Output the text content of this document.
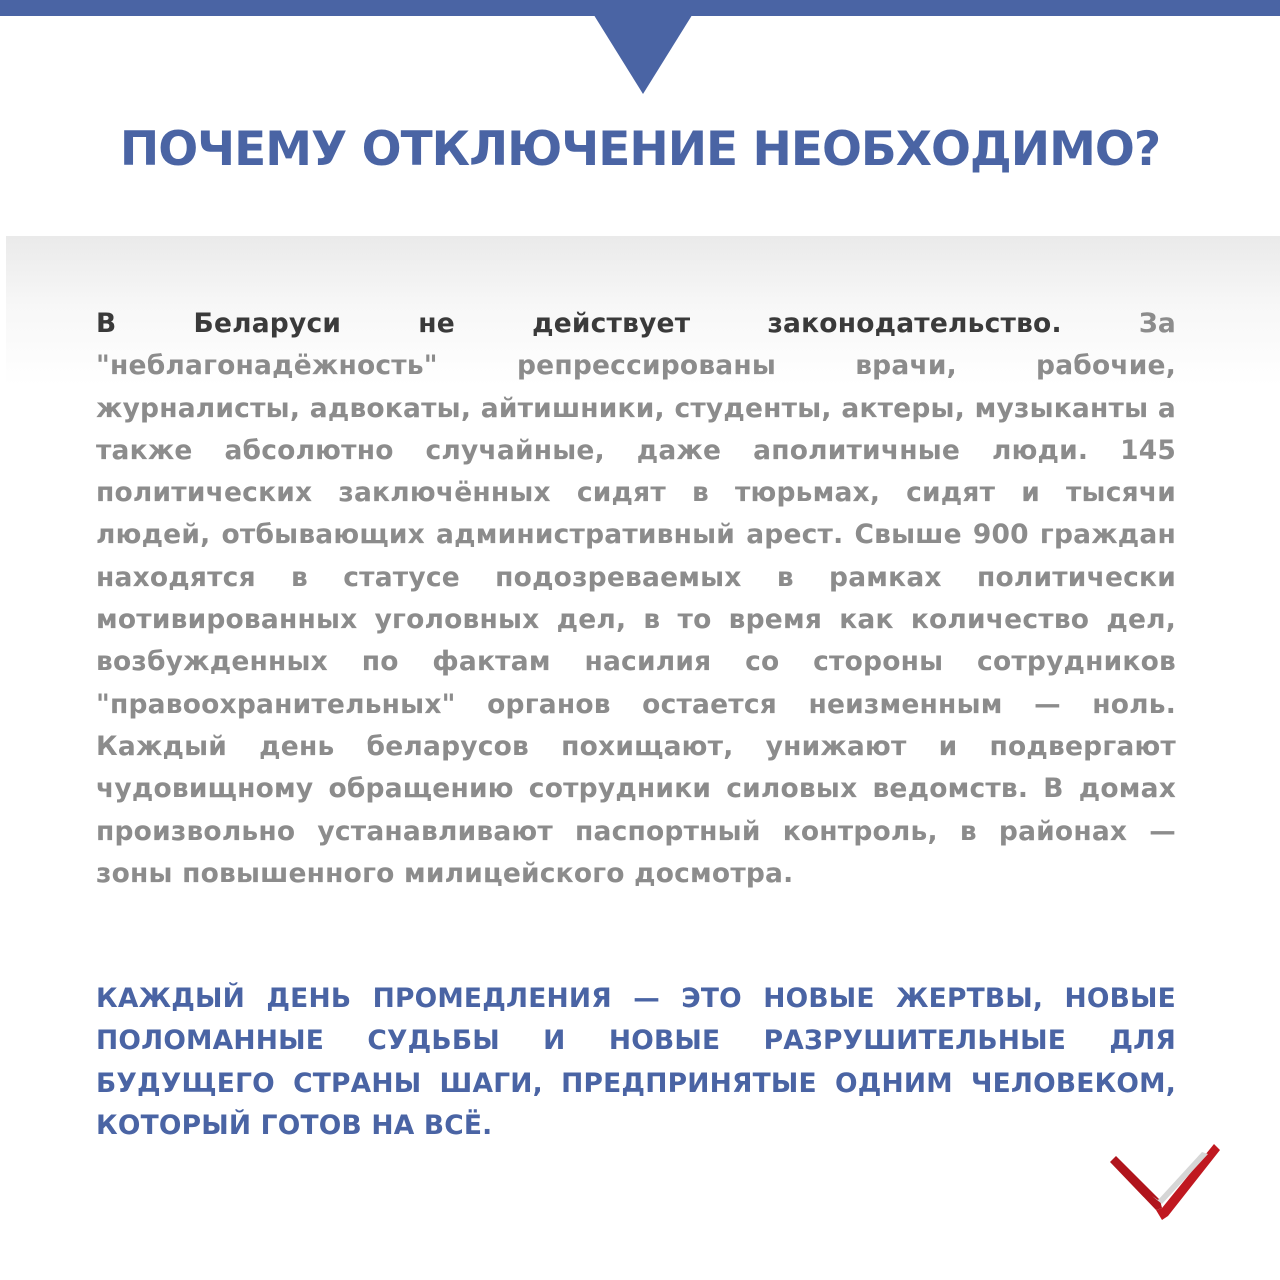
ПОЧЕМУ ОТКЛЮЧЕНИЕ НЕОБХОДИМО?

В Беларуси не действует законодательство.	За "неблагонадёжность" репрессированы врачи, рабочие, журналисты, адвокаты, айтишники, студенты, актеры, музыканты а также абсолютно случайные, даже аполитичные люди. 145 политических заключённых сидят в тюрьмах, сидят и тысячи людей, отбывающих административный арест. Свыше 900 граждан находятся в статусе подозреваемых в рамках политически мотивированных уголовных дел, в то время как количество дел, возбужденных по фактам насилия со стороны сотрудников "правоохранительных" органов остается неизменным — ноль. Каждый день беларусов похищают, унижают и подвергают чудовищному обращению сотрудники силовых ведомств. В домах произвольно устанавливают паспортный контроль, в районах — зоны повышенного милицейского досмотра.

КАЖДЫЙ ДЕНЬ ПРОМЕДЛЕНИЯ — ЭТО НОВЫЕ ЖЕРТВЫ, НОВЫЕ ПОЛОМАННЫЕ СУДЬБЫ И НОВЫЕ РАЗРУШИТЕЛЬНЫЕ ДЛЯ БУДУЩЕГО СТРАНЫ ШАГИ, ПРЕДПРИНЯТЫЕ ОДНИМ ЧЕЛОВЕКОМ, КОТОРЫЙ ГОТОВ НА ВСЁ.
